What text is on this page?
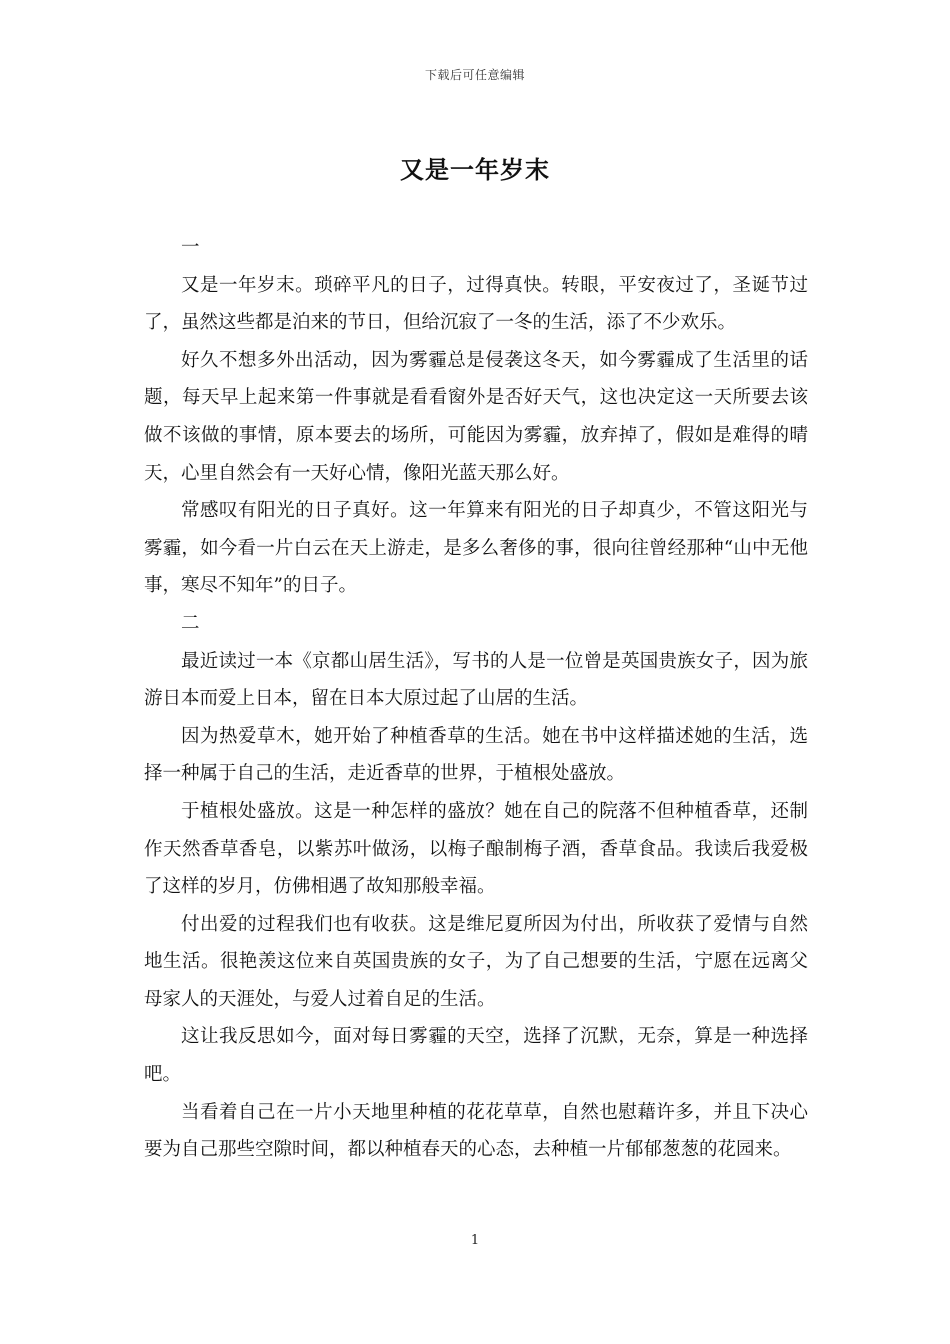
下载后可任意编辑
又是一年岁末

一

又是一年岁末。琐碎平凡的日子，过得真快。转眼，平安夜过了，圣诞节过了，虽然这些都是泊来的节日，但给沉寂了一冬的生活，添了不少欢乐。

好久不想多外出活动，因为雾霾总是侵袭这冬天，如今雾霾成了生活里的话题，每天早上起来第一件事就是看看窗外是否好天气，这也决定这一天所要去该做不该做的事情，原本要去的场所，可能因为雾霾，放弃掉了，假如是难得的晴天，心里自然会有一天好心情，像阳光蓝天那么好。

常感叹有阳光的日子真好。这一年算来有阳光的日子却真少，不管这阳光与雾霾，如今看一片白云在天上游走，是多么奢侈的事，很向往曾经那种“山中无他事，寒尽不知年”的日子。

二

最近读过一本《京都山居生活》，写书的人是一位曾是英国贵族女子，因为旅游日本而爱上日本，留在日本大原过起了山居的生活。

因为热爱草木，她开始了种植香草的生活。她在书中这样描述她的生活，选择一种属于自己的生活，走近香草的世界，于植根处盛放。

于植根处盛放。这是一种怎样的盛放？她在自己的院落不但种植香草，还制作天然香草香皂，以紫苏叶做汤，以梅子酿制梅子酒，香草食品。我读后我爱极了这样的岁月，仿佛相遇了故知那般幸福。

付出爱的过程我们也有收获。这是维尼夏所因为付出，所收获了爱情与自然地生活。很艳羡这位来自英国贵族的女子，为了自己想要的生活，宁愿在远离父母家人的天涯处，与爱人过着自足的生活。

这让我反思如今，面对每日雾霾的天空，选择了沉默，无奈，算是一种选择吧。

当看着自己在一片小天地里种植的花花草草，自然也慰藉许多，并且下决心要为自己那些空隙时间，都以种植春天的心态，去种植一片郁郁葱葱的花园来。

1
